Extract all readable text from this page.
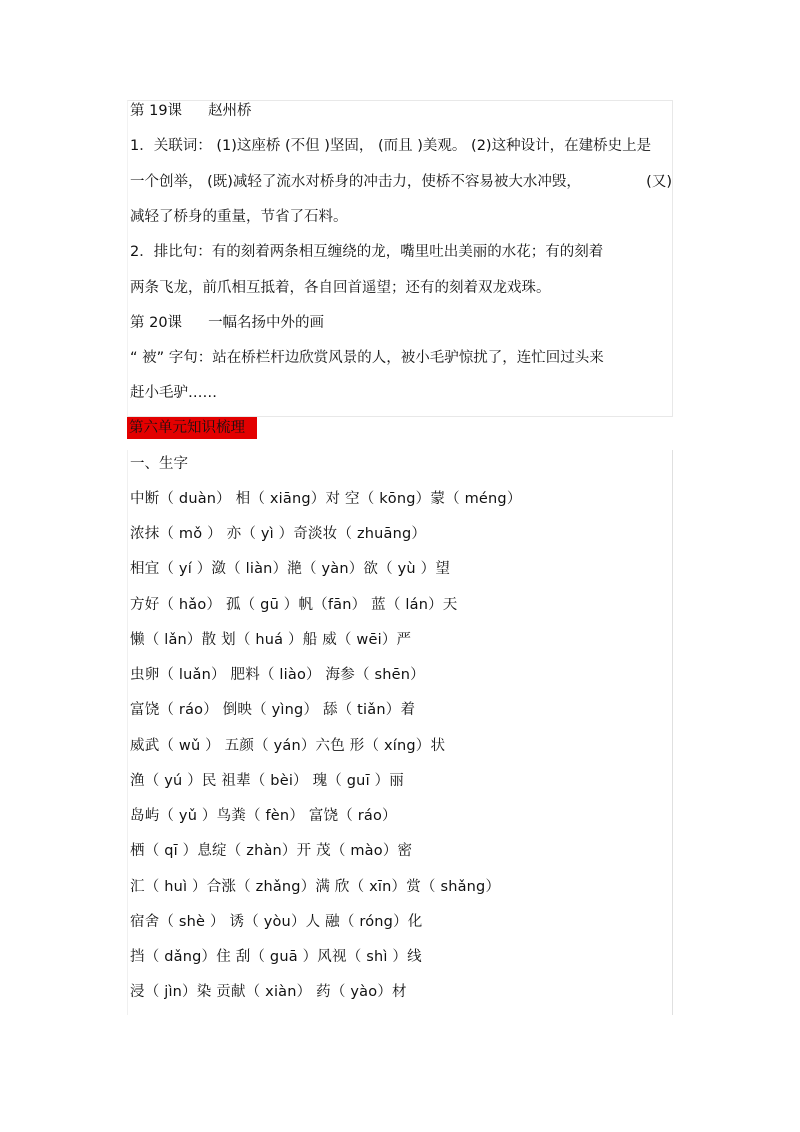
第 19课 赵州桥
1．关联词： (1)这座桥 (不但 )坚固， (而且 )美观。 (2)这种设计，在建桥史上是
一个创举， (既)减轻了流水对桥身的冲击力，使桥不容易被大水冲毁，	(又)
减轻了桥身的重量，节省了石料。
2．排比句：有的刻着两条相互缠绕的龙，嘴里吐出美丽的水花；有的刻着
两条飞龙，前爪相互抵着，各自回首遥望；还有的刻着双龙戏珠。
第 20课 一幅名扬中外的画
“ 被” 字句：站在桥栏杆边欣赏风景的人，被小毛驴惊扰了，连忙回过头来
赶小毛驴……
第六单元知识梳理
一、生字
中断（ duàn） 相（ xiāng）对 空（ kōng）蒙（ méng）
浓抹（ mǒ ） 亦（ yì ）奇淡妆（ zhuāng）
相宜（ yí ）潋（ liàn）滟（ yàn）欲（ yù ）望
方好（ hǎo） 孤（ gū ）帆（fān） 蓝（ lán）天
懒（ lǎn）散 划（ huá ）船 威（ wēi）严
虫卵（ luǎn） 肥料（ liào） 海参（ shēn）
富饶（ ráo） 倒映（ yìng） 舔（ tiǎn）着
威武（ wǔ ） 五颜（ yán）六色 形（ xíng）状
渔（ yú ）民 祖辈（ bèi） 瑰（ guī ）丽
岛屿（ yǔ ）鸟粪（ fèn） 富饶（ ráo）
栖（ qī ）息绽（ zhàn）开 茂（ mào）密
汇（ huì ）合涨（ zhǎng）满 欣（ xīn）赏（ shǎng）
宿舍（ shè ） 诱（ yòu）人 融（ róng）化
挡（ dǎng）住 刮（ guā ）风视（ shì ）线
浸（ jìn）染 贡献（ xiàn） 药（ yào）材
